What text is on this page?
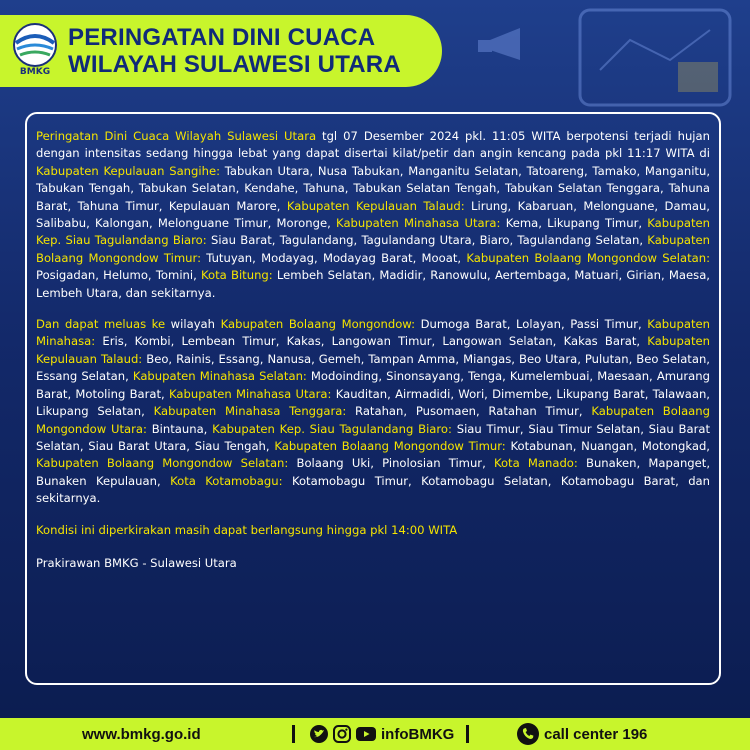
BMKG
PERINGATAN DINI CUACA
WILAYAH SULAWESI UTARA

Peringatan Dini Cuaca Wilayah Sulawesi Utara tgl 07 Desember 2024 pkl. 11:05 WITA berpotensi terjadi hujan dengan intensitas sedang hingga lebat yang dapat disertai kilat/petir dan angin kencang pada pkl 11:17 WITA di Kabupaten Kepulauan Sangihe: Tabukan Utara, Nusa Tabukan, Manganitu Selatan, Tatoareng, Tamako, Manganitu, Tabukan Tengah, Tabukan Selatan, Kendahe, Tahuna, Tabukan Selatan Tengah, Tabukan Selatan Tenggara, Tahuna Barat, Tahuna Timur, Kepulauan Marore, Kabupaten Kepulauan Talaud: Lirung, Kabaruan, Melonguane, Damau, Salibabu, Kalongan, Melonguane Timur, Moronge, Kabupaten Minahasa Utara: Kema, Likupang Timur, Kabupaten Kep. Siau Tagulandang Biaro: Siau Barat, Tagulandang, Tagulandang Utara, Biaro, Tagulandang Selatan, Kabupaten Bolaang Mongondow Timur: Tutuyan, Modayag, Modayag Barat, Mooat, Kabupaten Bolaang Mongondow Selatan: Posigadan, Helumo, Tomini, Kota Bitung: Lembeh Selatan, Madidir, Ranowulu, Aertembaga, Matuari, Girian, Maesa, Lembeh Utara, dan sekitarnya.

Dan dapat meluas ke wilayah Kabupaten Bolaang Mongondow: Dumoga Barat, Lolayan, Passi Timur, Kabupaten Minahasa: Eris, Kombi, Lembean Timur, Kakas, Langowan Timur, Langowan Selatan, Kakas Barat, Kabupaten Kepulauan Talaud: Beo, Rainis, Essang, Nanusa, Gemeh, Tampan Amma, Miangas, Beo Utara, Pulutan, Beo Selatan, Essang Selatan, Kabupaten Minahasa Selatan: Modoinding, Sinonsayang, Tenga, Kumelembuai, Maesaan, Amurang Barat, Motoling Barat, Kabupaten Minahasa Utara: Kauditan, Airmadidi, Wori, Dimembe, Likupang Barat, Talawaan, Likupang Selatan, Kabupaten Minahasa Tenggara: Ratahan, Pusomaen, Ratahan Timur, Kabupaten Bolaang Mongondow Utara: Bintauna, Kabupaten Kep. Siau Tagulandang Biaro: Siau Timur, Siau Timur Selatan, Siau Barat Selatan, Siau Barat Utara, Siau Tengah, Kabupaten Bolaang Mongondow Timur: Kotabunan, Nuangan, Motongkad, Kabupaten Bolaang Mongondow Selatan: Bolaang Uki, Pinolosian Timur, Kota Manado: Bunaken, Mapanget, Bunaken Kepulauan, Kota Kotamobagu: Kotamobagu Timur, Kotamobagu Selatan, Kotamobagu Barat, dan sekitarnya.

Kondisi ini diperkirakan masih dapat berlangsung hingga pkl 14:00 WITA

Prakirawan BMKG - Sulawesi Utara

www.bmkg.go.id	infoBMKG	call center 196
